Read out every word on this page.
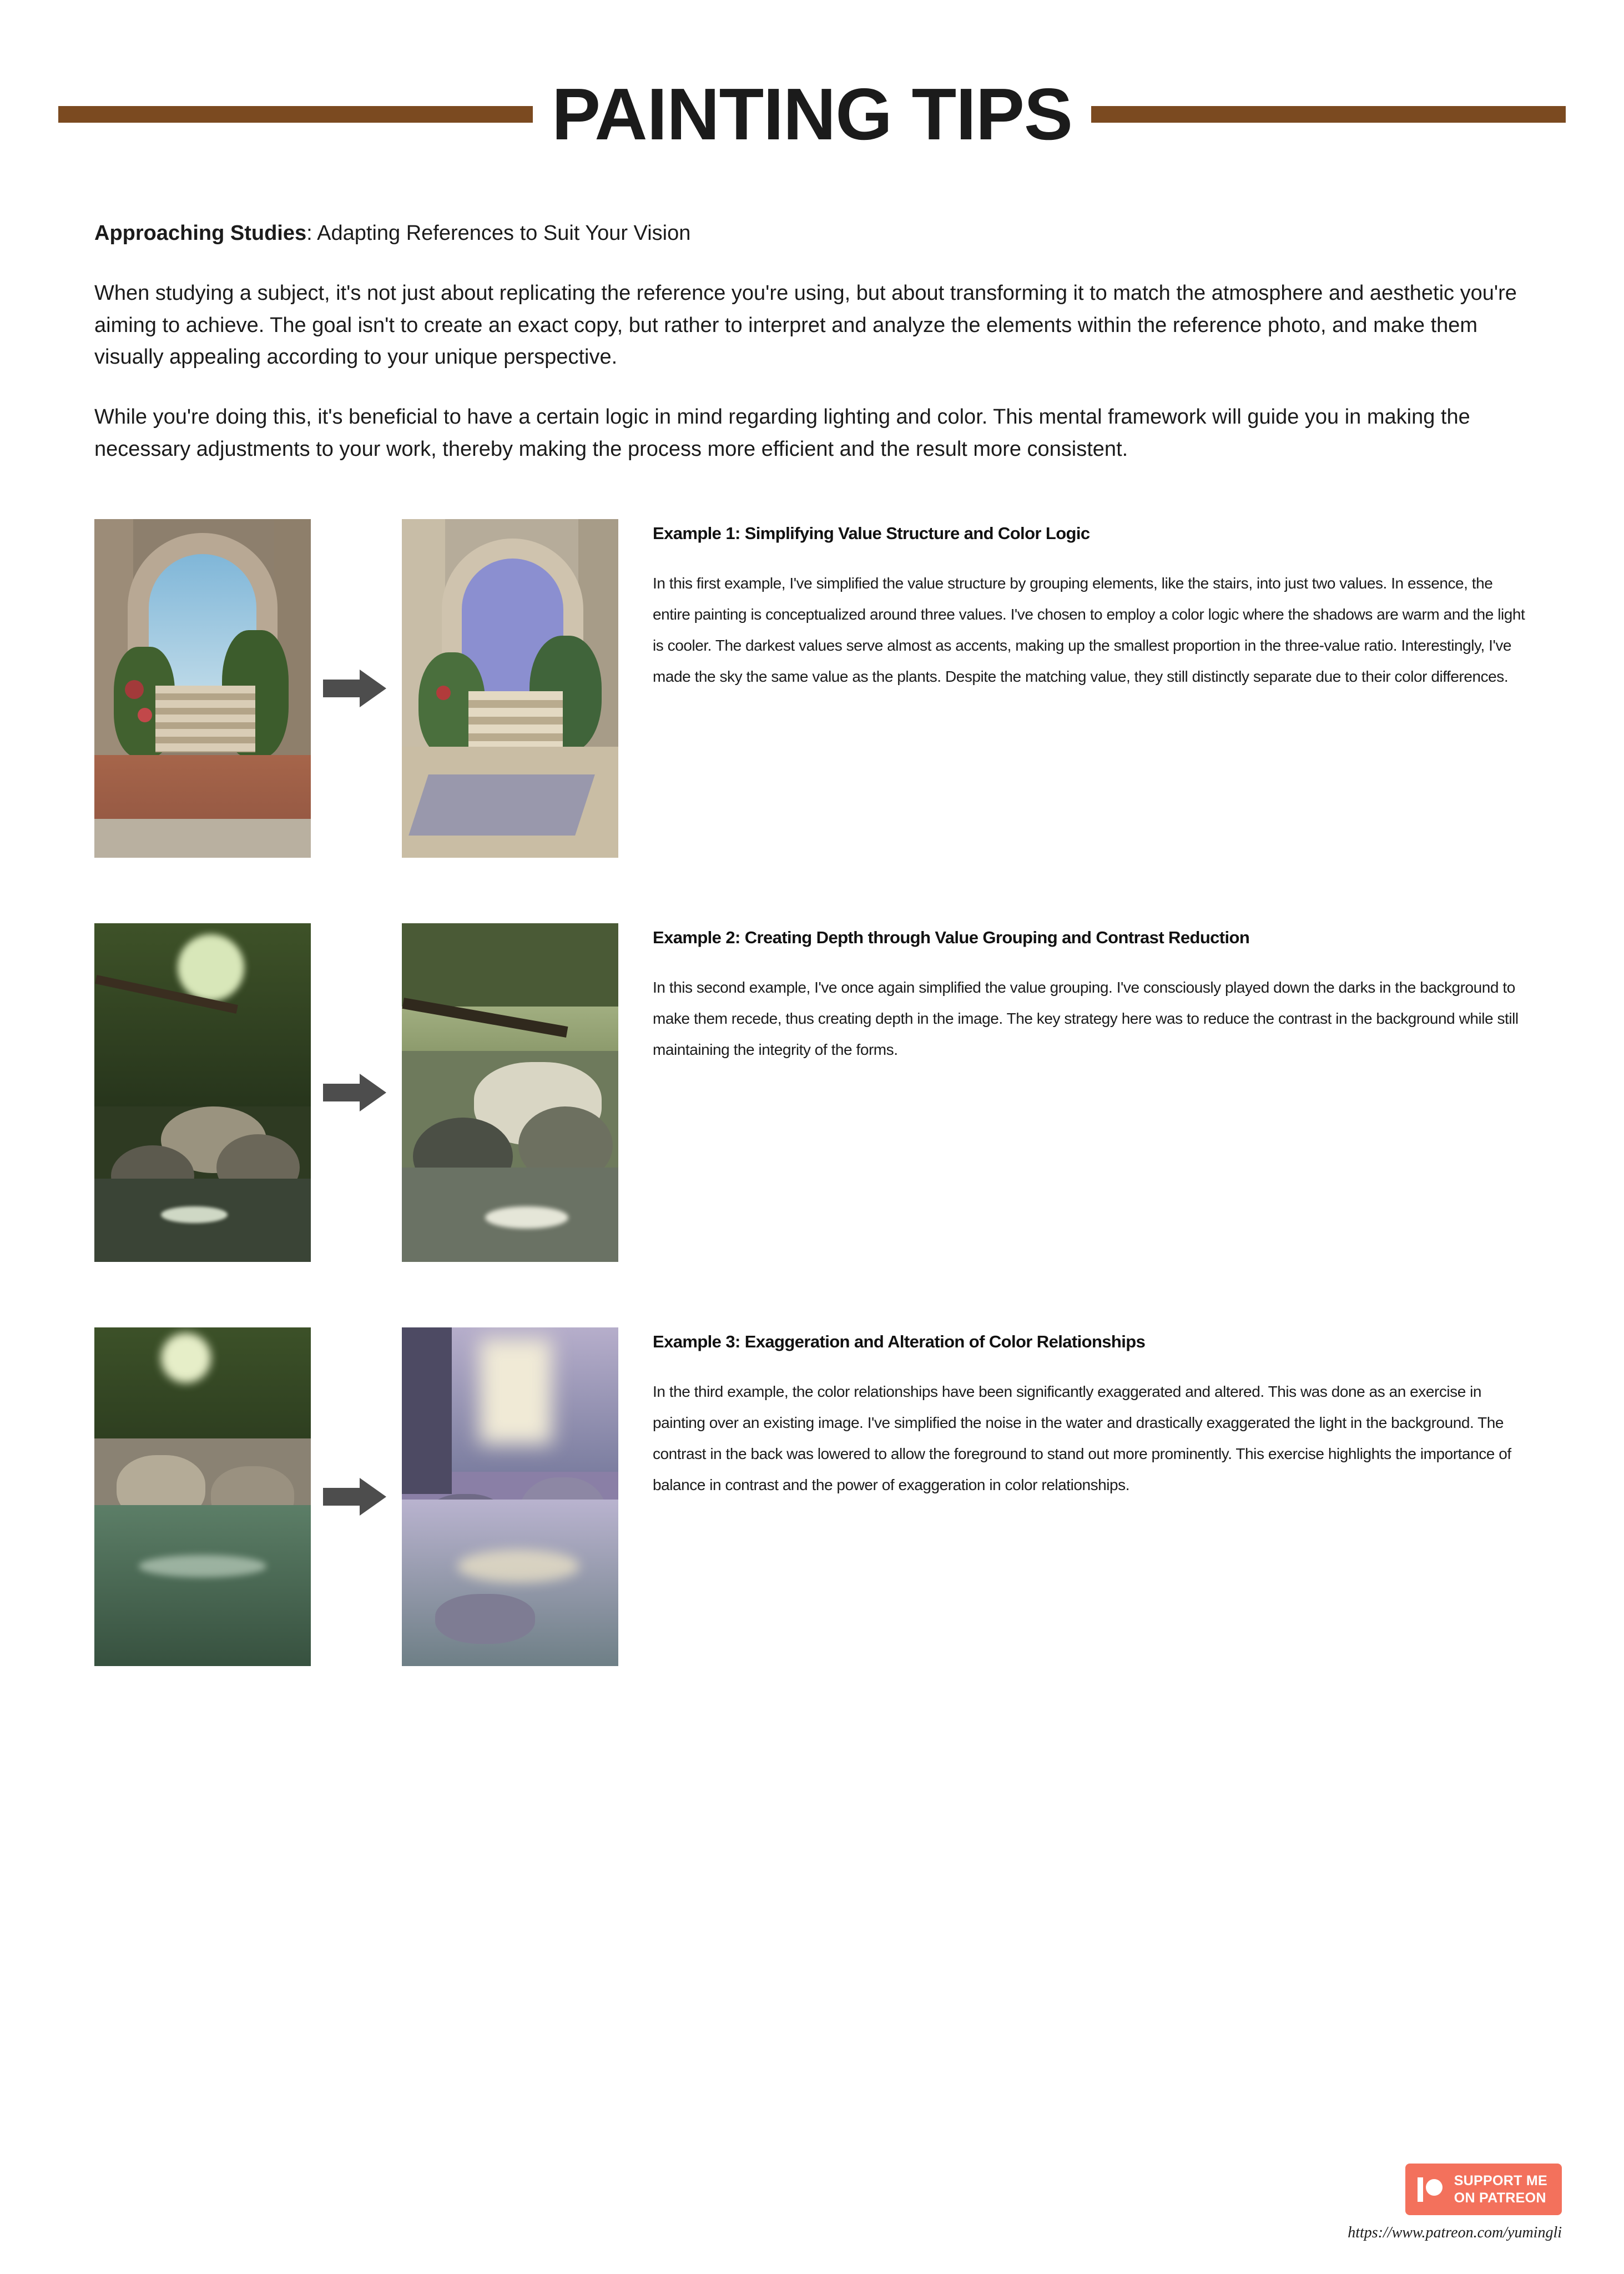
PAINTING TIPS
Approaching Studies: Adapting References to Suit Your Vision

When studying a subject, it's not just about replicating the reference you're using, but about transforming it to match the atmosphere and aesthetic you're aiming to achieve. The goal isn't to create an exact copy, but rather to interpret and analyze the elements within the reference photo, and make them visually appealing according to your unique perspective.

While you're doing this, it's beneficial to have a certain logic in mind regarding lighting and color. This mental framework will guide you in making the necessary adjustments to your work, thereby making the process more efficient and the result more consistent.

Example 1: Simplifying Value Structure and Color Logic
In this first example, I've simplified the value structure by grouping elements, like the stairs, into just two values. In essence, the entire painting is conceptualized around three values. I've chosen to employ a color logic where the shadows are warm and the light is cooler. The darkest values serve almost as accents, making up the smallest proportion in the three-value ratio. Interestingly, I've made the sky the same value as the plants. Despite the matching value, they still distinctly separate due to their color differences.
Example 2: Creating Depth through Value Grouping and Contrast Reduction
In this second example, I've once again simplified the value grouping. I've consciously played down the darks in the background to make them recede, thus creating depth in the image. The key strategy here was to reduce the contrast in the background while still maintaining the integrity of the forms.
Example 3: Exaggeration and Alteration of Color Relationships
In the third example, the color relationships have been significantly exaggerated and altered. This was done as an exercise in painting over an existing image. I've simplified the noise in the water and drastically exaggerated the light in the background. The contrast in the back was lowered to allow the foreground to stand out more prominently. This exercise highlights the importance of balance in contrast and the power of exaggeration in color relationships.
SUPPORT ME
ON PATREON
https://www.patreon.com/yumingli
